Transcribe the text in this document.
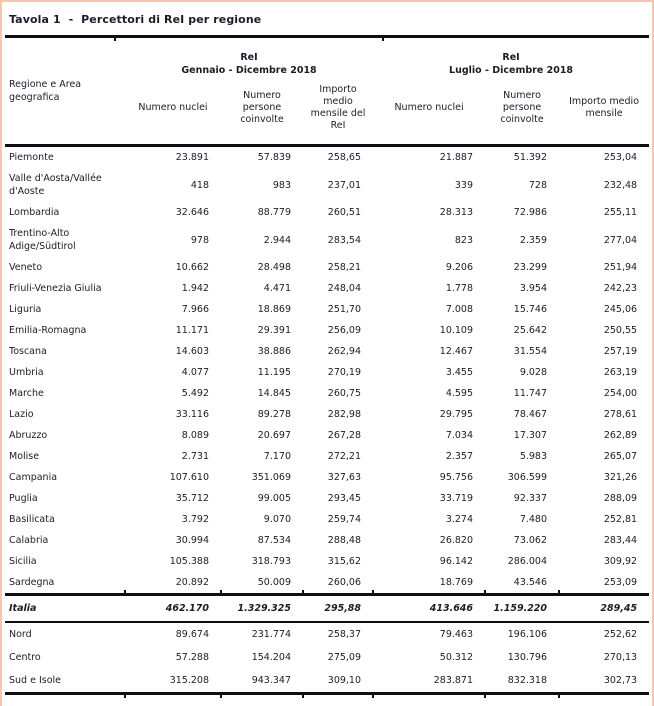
Tavola 1  -  Percettori di ReI per regione
Regione e Area geografica	
ReI
Gennaio - Dicembre 2018

ReI
Luglio - Dicembre 2018

	Numero nuclei	Numero persone coinvolte	Importo medio mensile del ReI	Numero nuclei	Numero persone coinvolte	Importo medio mensile
Piemonte	23.891	57.839	258,65	21.887	51.392	253,04
Valle d'Aosta/Vallée d'Aoste	418	983	237,01	339	728	232,48
Lombardia	32.646	88.779	260,51	28.313	72.986	255,11
Trentino-Alto Adige/Südtirol	978	2.944	283,54	823	2.359	277,04
Veneto	10.662	28.498	258,21	9.206	23.299	251,94
Friuli-Venezia Giulia	1.942	4.471	248,04	1.778	3.954	242,23
Liguria	7.966	18.869	251,70	7.008	15.746	245,06
Emilia-Romagna	11.171	29.391	256,09	10.109	25.642	250,55
Toscana	14.603	38.886	262,94	12.467	31.554	257,19
Umbria	4.077	11.195	270,19	3.455	9.028	263,19
Marche	5.492	14.845	260,75	4.595	11.747	254,00
Lazio	33.116	89.278	282,98	29.795	78.467	278,61
Abruzzo	8.089	20.697	267,28	7.034	17.307	262,89
Molise	2.731	7.170	272,21	2.357	5.983	265,07
Campania	107.610	351.069	327,63	95.756	306.599	321,26
Puglia	35.712	99.005	293,45	33.719	92.337	288,09
Basilicata	3.792	9.070	259,74	3.274	7.480	252,81
Calabria	30.994	87.534	288,48	26.820	73.062	283,44
Sicilia	105.388	318.793	315,62	96.142	286.004	309,92
Sardegna	20.892	50.009	260,06	18.769	43.546	253,09
Italia	462.170	1.329.325	295,88	413.646	1.159.220	289,45
Nord	89.674	231.774	258,37	79.463	196.106	252,62
Centro	57.288	154.204	275,09	50.312	130.796	270,13
Sud e Isole	315.208	943.347	309,10	283.871	832.318	302,73
